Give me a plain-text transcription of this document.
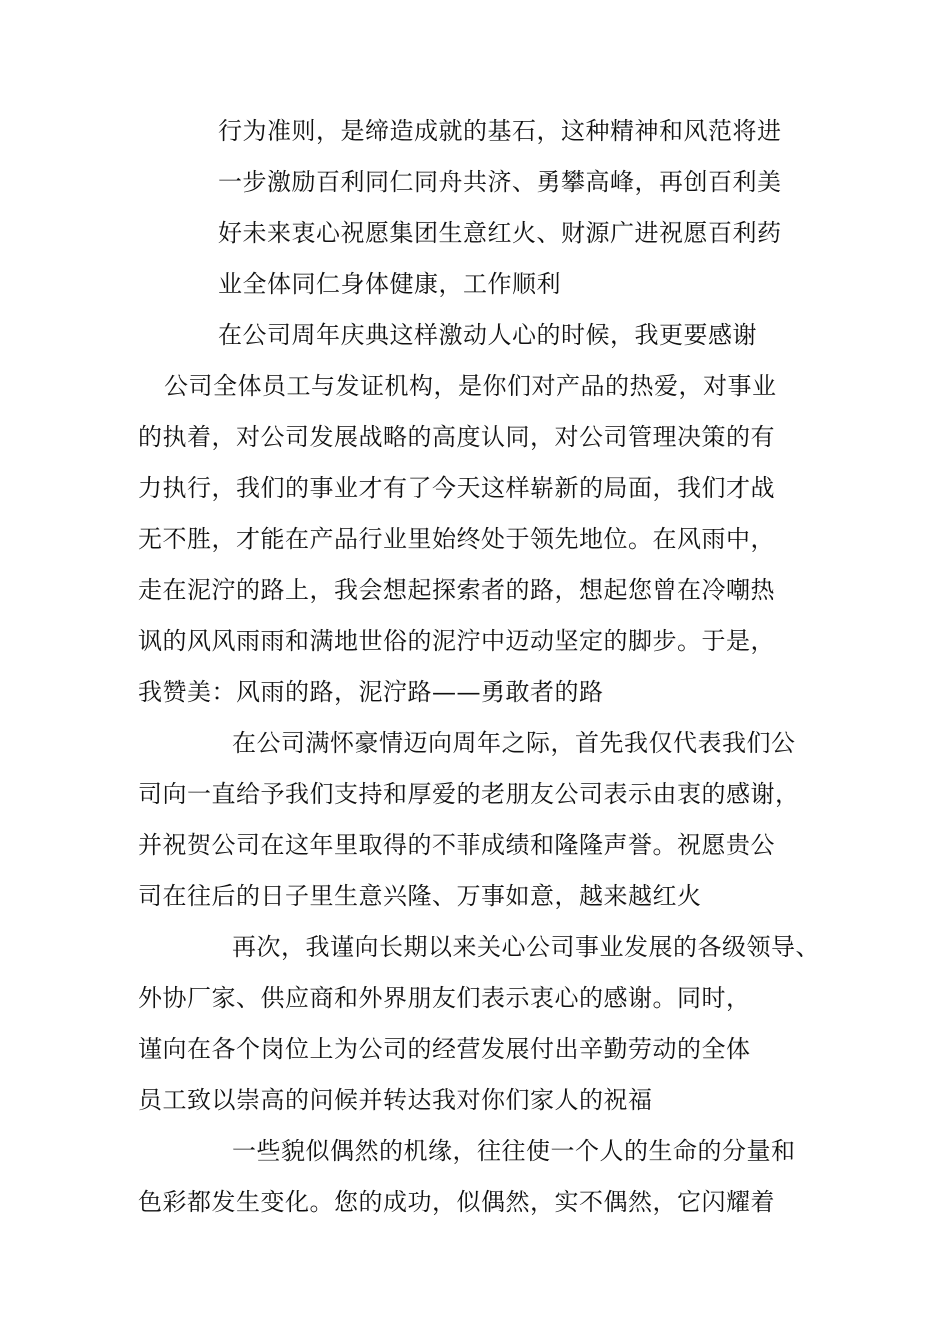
行为准则，是缔造成就的基石，这种精神和风范将进
一步激励百利同仁同舟共济、勇攀高峰，再创百利美
好未来衷心祝愿集团生意红火、财源广进祝愿百利药
业全体同仁身体健康，工作顺利
在公司周年庆典这样激动人心的时候，我更要感谢
公司全体员工与发证机构，是你们对产品的热爱，对事业
的执着，对公司发展战略的高度认同，对公司管理决策的有
力执行，我们的事业才有了今天这样崭新的局面，我们才战
无不胜，才能在产品行业里始终处于领先地位。在风雨中，
走在泥泞的路上，我会想起探索者的路，想起您曾在冷嘲热
讽的风风雨雨和满地世俗的泥泞中迈动坚定的脚步。于是，
我赞美：风雨的路，泥泞路——勇敢者的路
在公司满怀豪情迈向周年之际，首先我仅代表我们公
司向一直给予我们支持和厚爱的老朋友公司表示由衷的感谢，
并祝贺公司在这年里取得的不菲成绩和隆隆声誉。祝愿贵公
司在往后的日子里生意兴隆、万事如意，越来越红火
再次，我谨向长期以来关心公司事业发展的各级领导、
外协厂家、供应商和外界朋友们表示衷心的感谢。同时，
谨向在各个岗位上为公司的经营发展付出辛勤劳动的全体
员工致以崇高的问候并转达我对你们家人的祝福
一些貌似偶然的机缘，往往使一个人的生命的分量和
色彩都发生变化。您的成功，似偶然，实不偶然，它闪耀着
